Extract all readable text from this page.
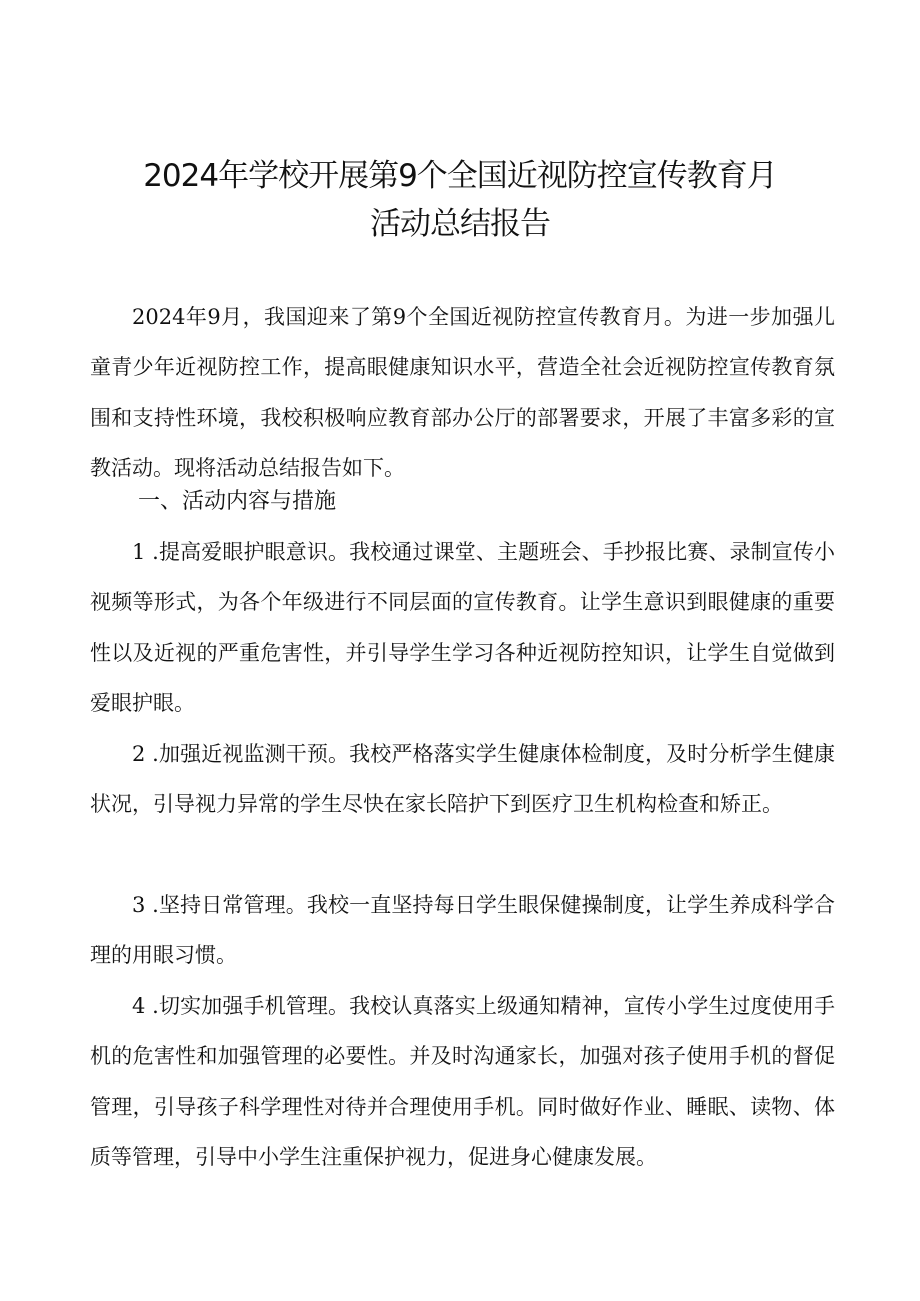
2024年学校开展第9个全国近视防控宣传教育月
活动总结报告

2024年9月，我国迎来了第9个全国近视防控宣传教育月。为进一步加强儿童青少年近视防控工作，提高眼健康知识水平，营造全社会近视防控宣传教育氛围和支持性环境，我校积极响应教育部办公厅的部署要求，开展了丰富多彩的宣教活动。现将活动总结报告如下。

一、活动内容与措施

1 .提高爱眼护眼意识。我校通过课堂、主题班会、手抄报比赛、录制宣传小视频等形式，为各个年级进行不同层面的宣传教育。让学生意识到眼健康的重要性以及近视的严重危害性，并引导学生学习各种近视防控知识，让学生自觉做到爱眼护眼。

2 .加强近视监测干预。我校严格落实学生健康体检制度，及时分析学生健康状况，引导视力异常的学生尽快在家长陪护下到医疗卫生机构检查和矫正。

3 .坚持日常管理。我校一直坚持每日学生眼保健操制度，让学生养成科学合理的用眼习惯。

4 .切实加强手机管理。我校认真落实上级通知精神，宣传小学生过度使用手机的危害性和加强管理的必要性。并及时沟通家长，加强对孩子使用手机的督促管理，引导孩子科学理性对待并合理使用手机。同时做好作业、睡眠、读物、体质等管理，引导中小学生注重保护视力，促进身心健康发展。
